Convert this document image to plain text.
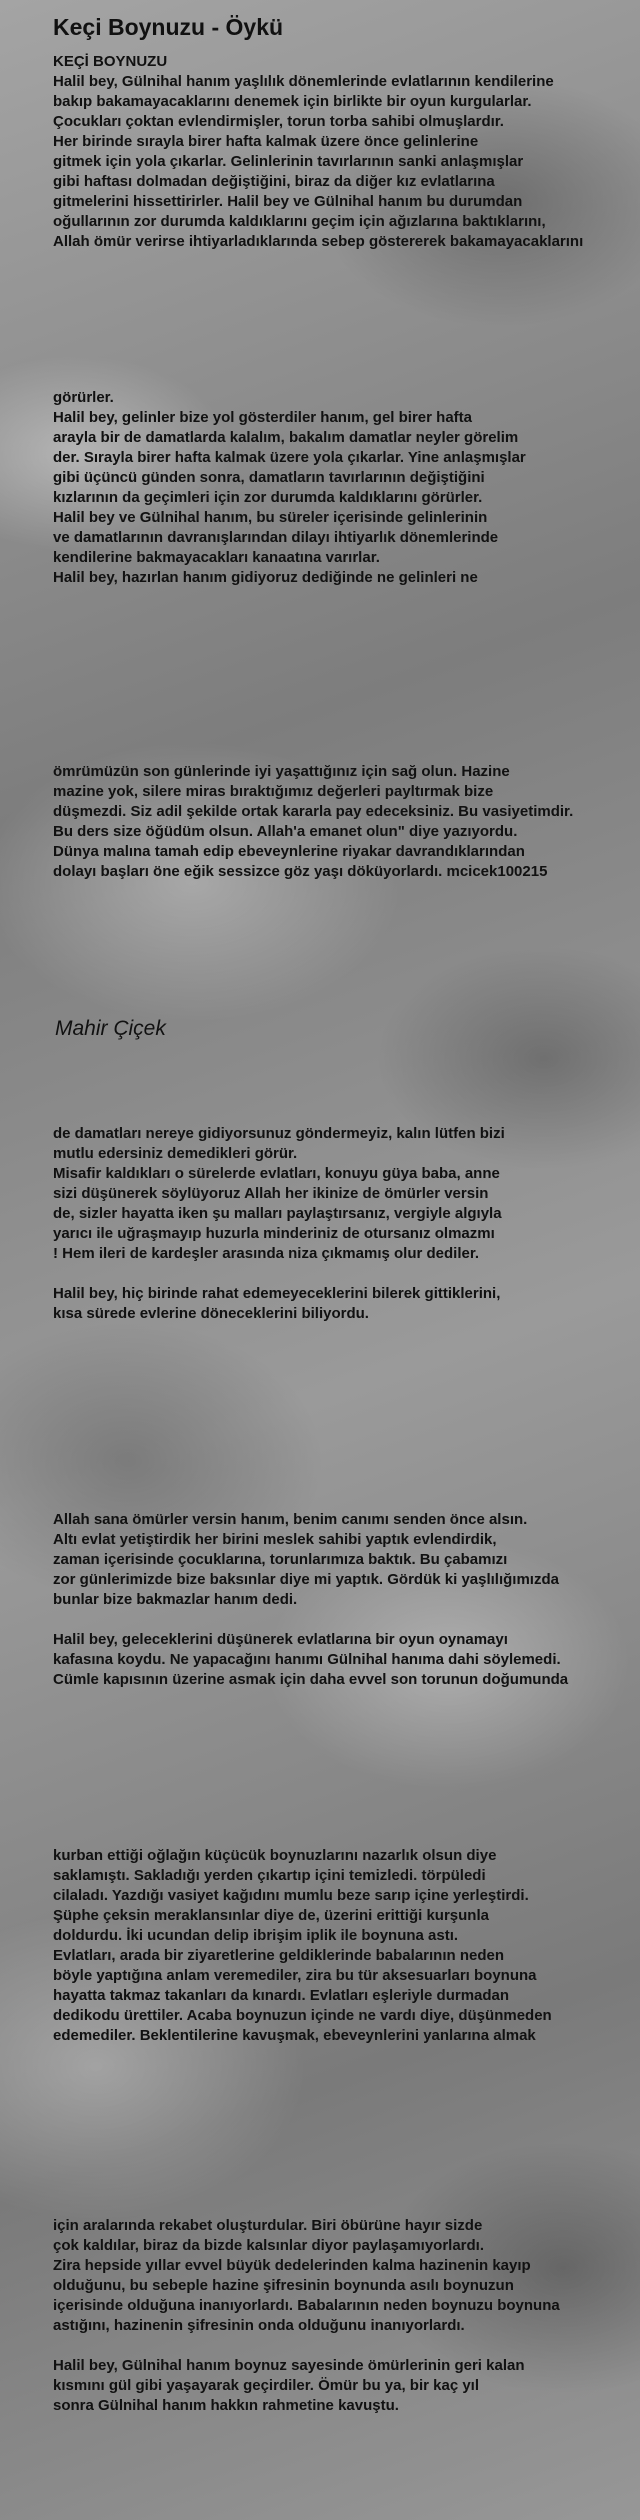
Keçi Boynuzu - Öykü
KEÇİ BOYNUZU
Halil bey, Gülnihal hanım yaşlılık dönemlerinde evlatlarının kendilerine
bakıp bakamayacaklarını denemek için birlikte bir oyun kurgularlar.
Çocukları çoktan evlendirmişler, torun torba sahibi olmuşlardır.
Her birinde sırayla birer hafta kalmak üzere önce gelinlerine
gitmek için yola çıkarlar. Gelinlerinin tavırlarının sanki anlaşmışlar
gibi haftası dolmadan değiştiğini, biraz da diğer kız evlatlarına
gitmelerini hissettirirler. Halil bey ve Gülnihal hanım bu durumdan
oğullarının zor durumda kaldıklarını geçim için ağızlarına baktıklarını,
Allah ömür verirse ihtiyarladıklarında sebep göstererek bakamayacaklarını
görürler.
Halil bey, gelinler bize yol gösterdiler hanım, gel birer hafta
arayla bir de damatlarda kalalım, bakalım damatlar neyler görelim
der. Sırayla birer hafta kalmak üzere yola çıkarlar. Yine anlaşmışlar
gibi üçüncü günden sonra, damatların tavırlarının değiştiğini
kızlarının da geçimleri için zor durumda kaldıklarını görürler.
Halil bey ve Gülnihal hanım, bu süreler içerisinde gelinlerinin
ve damatlarının davranışlarından dilayı ihtiyarlık dönemlerinde
kendilerine bakmayacakları kanaatına varırlar.
Halil bey, hazırlan hanım gidiyoruz dediğinde ne gelinleri ne
ömrümüzün son günlerinde iyi yaşattığınız için sağ olun. Hazine
mazine yok, silere miras bıraktığımız değerleri payltırmak bize
düşmezdi. Siz adil şekilde ortak kararla pay edeceksiniz. Bu vasiyetimdir.
Bu ders size öğüdüm olsun. Allah'a emanet olun" diye yazıyordu.
Dünya malına tamah edip ebeveynlerine riyakar davrandıklarından
dolayı başları öne eğik sessizce göz yaşı döküyorlardı. mcicek100215
Mahir Çiçek
de damatları nereye gidiyorsunuz göndermeyiz, kalın lütfen bizi
mutlu edersiniz demedikleri görür.
Misafir kaldıkları o sürelerde evlatları, konuyu güya baba, anne
sizi düşünerek söylüyoruz Allah her ikinize de ömürler versin
de, sizler hayatta iken şu malları paylaştırsanız, vergiyle algıyla
yarıcı ile uğraşmayıp huzurla minderiniz de otursanız olmazmı
! Hem ileri de kardeşler arasında niza çıkmamış olur dediler.
Halil bey, hiç birinde rahat edemeyeceklerini bilerek gittiklerini,
kısa sürede evlerine döneceklerini biliyordu.
Allah sana ömürler versin hanım, benim canımı senden önce alsın.
Altı evlat yetiştirdik her birini meslek sahibi yaptık evlendirdik,
zaman içerisinde çocuklarına, torunlarımıza baktık. Bu çabamızı
zor günlerimizde bize baksınlar diye mi yaptık. Gördük ki yaşlılığımızda
bunlar bize bakmazlar hanım dedi.
Halil bey, geleceklerini düşünerek evlatlarına bir oyun oynamayı
kafasına koydu. Ne yapacağını hanımı Gülnihal hanıma dahi söylemedi.
Cümle kapısının üzerine asmak için daha evvel son torunun doğumunda
kurban ettiği oğlağın küçücük boynuzlarını nazarlık olsun diye
saklamıştı. Sakladığı yerden çıkartıp içini temizledi. törpüledi
cilaladı. Yazdığı vasiyet kağıdını mumlu beze sarıp içine yerleştirdi.
Şüphe çeksin meraklansınlar diye de, üzerini erittiği kurşunla
doldurdu. İki ucundan delip ibrişim iplik ile boynuna astı.
Evlatları, arada bir ziyaretlerine geldiklerinde babalarının neden
böyle yaptığına anlam veremediler, zira bu tür aksesuarları boynuna
hayatta takmaz takanları da kınardı. Evlatları eşleriyle durmadan
dedikodu ürettiler. Acaba boynuzun içinde ne vardı diye, düşünmeden
edemediler. Beklentilerine kavuşmak, ebeveynlerini yanlarına almak
için aralarında rekabet oluşturdular. Biri öbürüne hayır sizde
çok kaldılar, biraz da bizde kalsınlar diyor paylaşamıyorlardı.
Zira hepside yıllar evvel büyük dedelerinden kalma hazinenin kayıp
olduğunu, bu sebeple hazine şifresinin boynunda asılı boynuzun
içerisinde olduğuna inanıyorlardı. Babalarının neden boynuzu boynuna
astığını, hazinenin şifresinin onda olduğunu inanıyorlardı.
Halil bey, Gülnihal hanım boynuz sayesinde ömürlerinin geri kalan
kısmını gül gibi yaşayarak geçirdiler. Ömür bu ya, bir kaç yıl
sonra Gülnihal hanım hakkın rahmetine kavuştu.
